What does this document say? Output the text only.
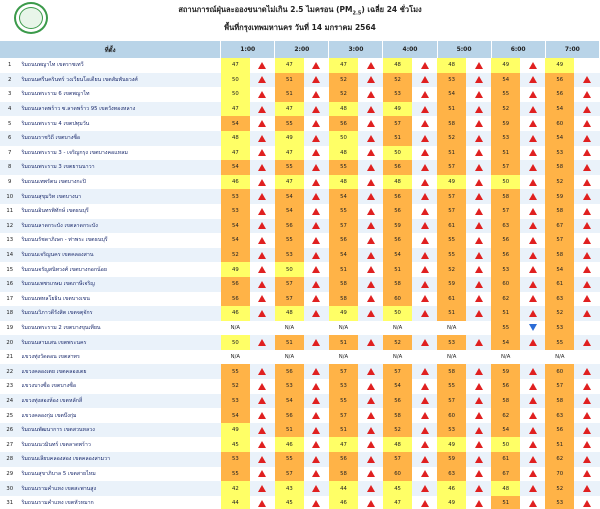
สถานการณ์ฝุ่นละอองขนาดไม่เกิน 2.5 ไมครอน $(PM_{2.5})$ เฉลี่ย 24 ชั่วโมง
พื้นที่กรุงเทพมหานคร วันที่ 14 มกราคม 2564
ที่ตั้ง		1:00		2:00		3:00		4:00		5:00		6:00		7:00	
1	ริมถนนพญาไท เขตราชเทวี	47		47		47		48		48		49		49	
2	ริมถนนศรีนครินทร์ วงเวียนโอเดียน เขตสัมพันธวงศ์	50		51		52		52		53		54		56	
3	ริมถนนพระราม 6 เขตพญาไท	50		51		52		53		54		55		56	
4	ริมถนนลาดพร้าว ซ.ลาดพร้าว 95 เขตวังทองหลาง	47		47		48		49		51		52		54	
5	ริมถนนพระราม 4 เขตปทุมวัน	54		55		56		57		58		59		60	
6	ริมถนนราชวิถี เขตบางซื่อ	48		49		50		51		52		53		54	
7	ริมถนนพระราม 3 - เจริญกรุง เขตบางคอแหลม	47		47		48		50		51		51		53	
8	ริมถนนพระราม 3 เขตยานนาวา	54		55		55		56		57		57		58	
9	ริมถนนเทพรัตน เขตบางกะปิ	46		47		48		48		49		50		52	
10	ริมถนนสุขุมวิท เขตบางนา	53		54		54		56		57		58		59	
11	ริมถนนอินทรพิทักษ์ เขตธนบุรี	53		54		55		56		57		57		58	
12	ริมถนนลาดกระบัง เขตลาดกระบัง	54		56		57		59		61		63		67	
13	ริมถนนรัชดาภิเษก - ท่าพระ เขตธนบุรี	54		55		56		56		55		56		57	
14	ริมถนนเจริญนคร เขตคลองสาน	52		53		54		54		55		56		58	
15	ริมถนนจรัญสนิทวงศ์ เขตบางกอกน้อย	49		50		51		51		52		53		54	
16	ริมถนนเพชรเกษม เขตภาษีเจริญ	56		57		58		58		59		60		61	
17	ริมถนนพหลโยธิน เขตบางเขน	56		57		58		60		61		62		63	
18	ริมถนนวิภาวดีรังสิต เขตจตุจักร	46		48		49		50		51		51		52	
19	ริมถนนพระราม 2 เขตบางขุนเทียน	N/A		N/A		N/A		N/A		N/A		55		53	
20	ริมถนนสามเสน เขตพระนคร	50		51		51		52		53		54		55	
21	แขวงทุ่งวัดดอน เขตสาทร	N/A		N/A		N/A		N/A		N/A		N/A		N/A	
22	แขวงคลองเตย เขตคลองเตย	55		56		57		57		58		59		60	
23	แขวงบางซื่อ เขตบางซื่อ	52		53		53		54		55		56		57	
24	แขวงทุ่งสองห้อง เขตหลักสี่	53		54		55		56		57		58		58	
25	แขวงคลองกุ่ม เขตบึงกุ่ม	54		56		57		58		60		62		63	
26	ริมถนนพัฒนาการ เขตสวนหลวง	49		51		51		52		53		54		56	
27	ริมถนนนวมินทร์ เขตลาดพร้าว	45		46		47		48		49		50		51	
28	ริมถนนเลียบคลองสอง เขตคลองสามวา	53		55		56		57		59		61		62	
29	ริมถนนสุขาภิบาล 5 เขตสายไหม	55		57		58		60		63		67		70	
30	ริมถนนรามคำแหง เขตสะพานสูง	42		43		44		45		46		48		52	
31	ริมถนนรามคำแหง เขตหัวหมาก	44		45		46		47		49		51		53	
